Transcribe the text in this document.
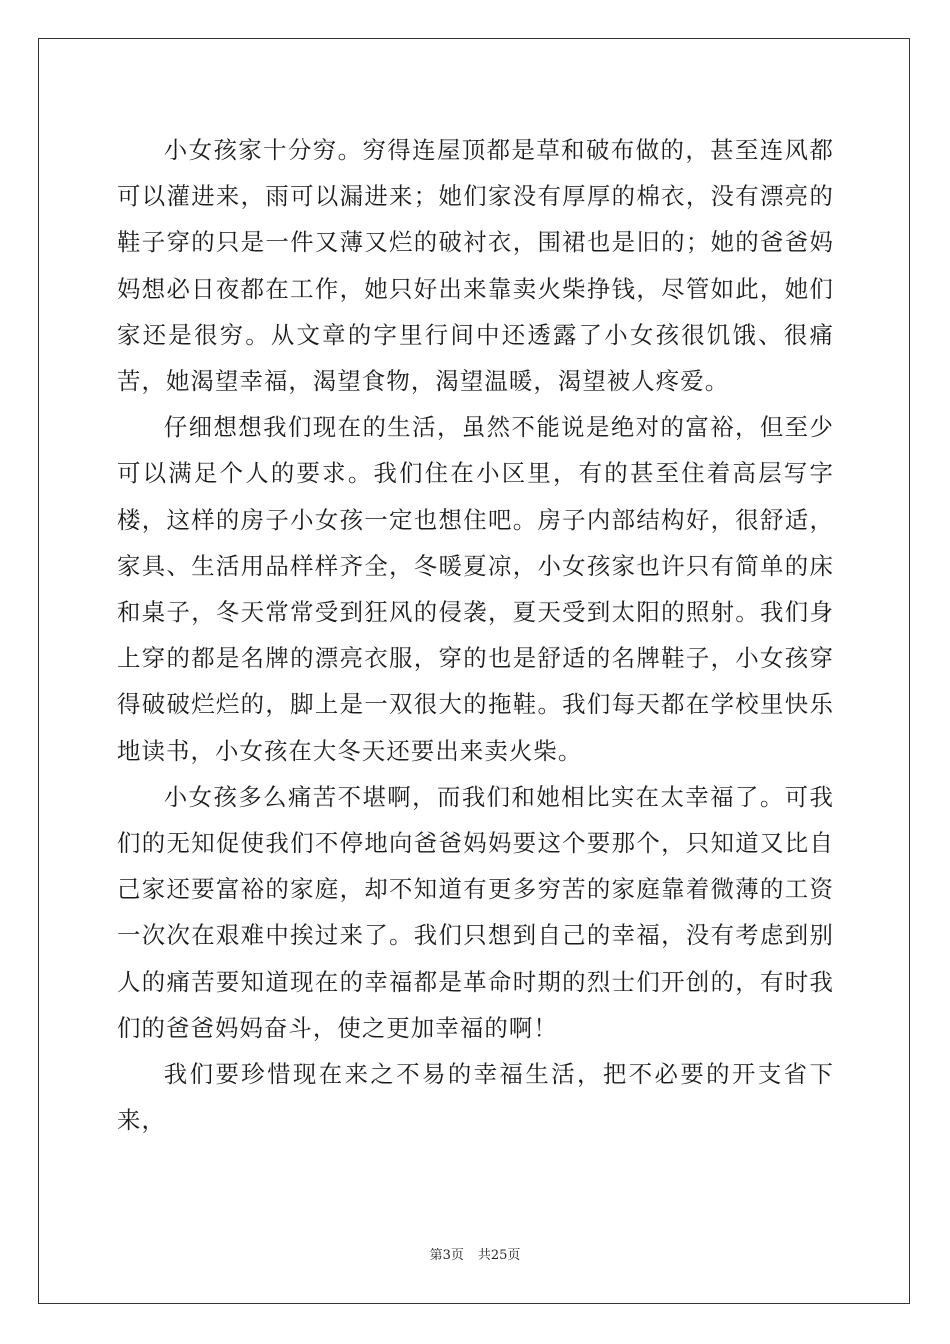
小女孩家十分穷。穷得连屋顶都是草和破布做的，甚至连风都可以灌进来，雨可以漏进来；她们家没有厚厚的棉衣，没有漂亮的鞋子穿的只是一件又薄又烂的破衬衣，围裙也是旧的；她的爸爸妈妈想必日夜都在工作，她只好出来靠卖火柴挣钱，尽管如此，她们家还是很穷。从文章的字里行间中还透露了小女孩很饥饿、很痛苦，她渴望幸福，渴望食物，渴望温暖，渴望被人疼爱。

仔细想想我们现在的生活，虽然不能说是绝对的富裕，但至少可以满足个人的要求。我们住在小区里，有的甚至住着高层写字楼，这样的房子小女孩一定也想住吧。房子内部结构好，很舒适，家具、生活用品样样齐全，冬暖夏凉，小女孩家也许只有简单的床和桌子，冬天常常受到狂风的侵袭，夏天受到太阳的照射。我们身上穿的都是名牌的漂亮衣服，穿的也是舒适的名牌鞋子，小女孩穿得破破烂烂的，脚上是一双很大的拖鞋。我们每天都在学校里快乐地读书，小女孩在大冬天还要出来卖火柴。

小女孩多么痛苦不堪啊，而我们和她相比实在太幸福了。可我们的无知促使我们不停地向爸爸妈妈要这个要那个，只知道又比自己家还要富裕的家庭，却不知道有更多穷苦的家庭靠着微薄的工资一次次在艰难中挨过来了。我们只想到自己的幸福，没有考虑到别人的痛苦要知道现在的幸福都是革命时期的烈士们开创的，有时我们的爸爸妈妈奋斗，使之更加幸福的啊！

我们要珍惜现在来之不易的幸福生活，把不必要的开支省下来，

第3页 共25页
